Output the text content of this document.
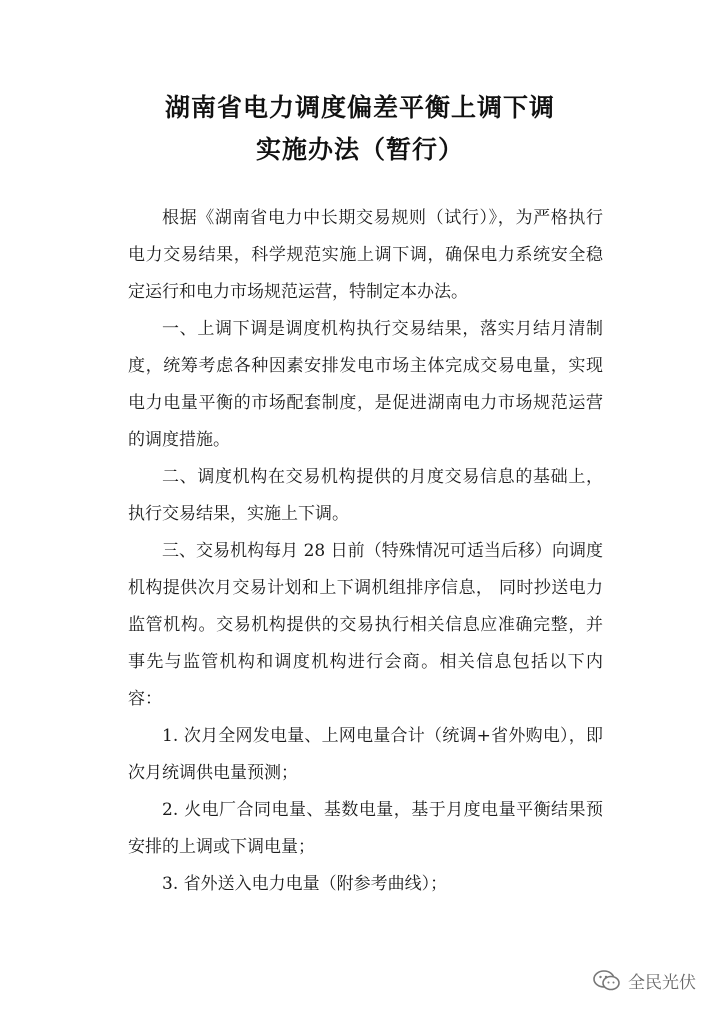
湖南省电力调度偏差平衡上调下调
实施办法（暂行）

根据《湖南省电力中长期交易规则（试行）》，为严格执行电力交易结果，科学规范实施上调下调，确保电力系统安全稳定运行和电力市场规范运营，特制定本办法。

一、上调下调是调度机构执行交易结果，落实月结月清制度，统筹考虑各种因素安排发电市场主体完成交易电量，实现电力电量平衡的市场配套制度，是促进湖南电力市场规范运营的调度措施。

二、调度机构在交易机构提供的月度交易信息的基础上，执行交易结果，实施上下调。

三、交易机构每月 28 日前（特殊情况可适当后移）向调度机构提供次月交易计划和上下调机组排序信息， 同时抄送电力监管机构。交易机构提供的交易执行相关信息应准确完整，并事先与监管机构和调度机构进行会商。相关信息包括以下内容：

1. 次月全网发电量、上网电量合计（统调+省外购电），即次月统调供电量预测；

2. 火电厂合同电量、基数电量，基于月度电量平衡结果预安排的上调或下调电量；

3. 省外送入电力电量（附参考曲线）；

全民光伏
